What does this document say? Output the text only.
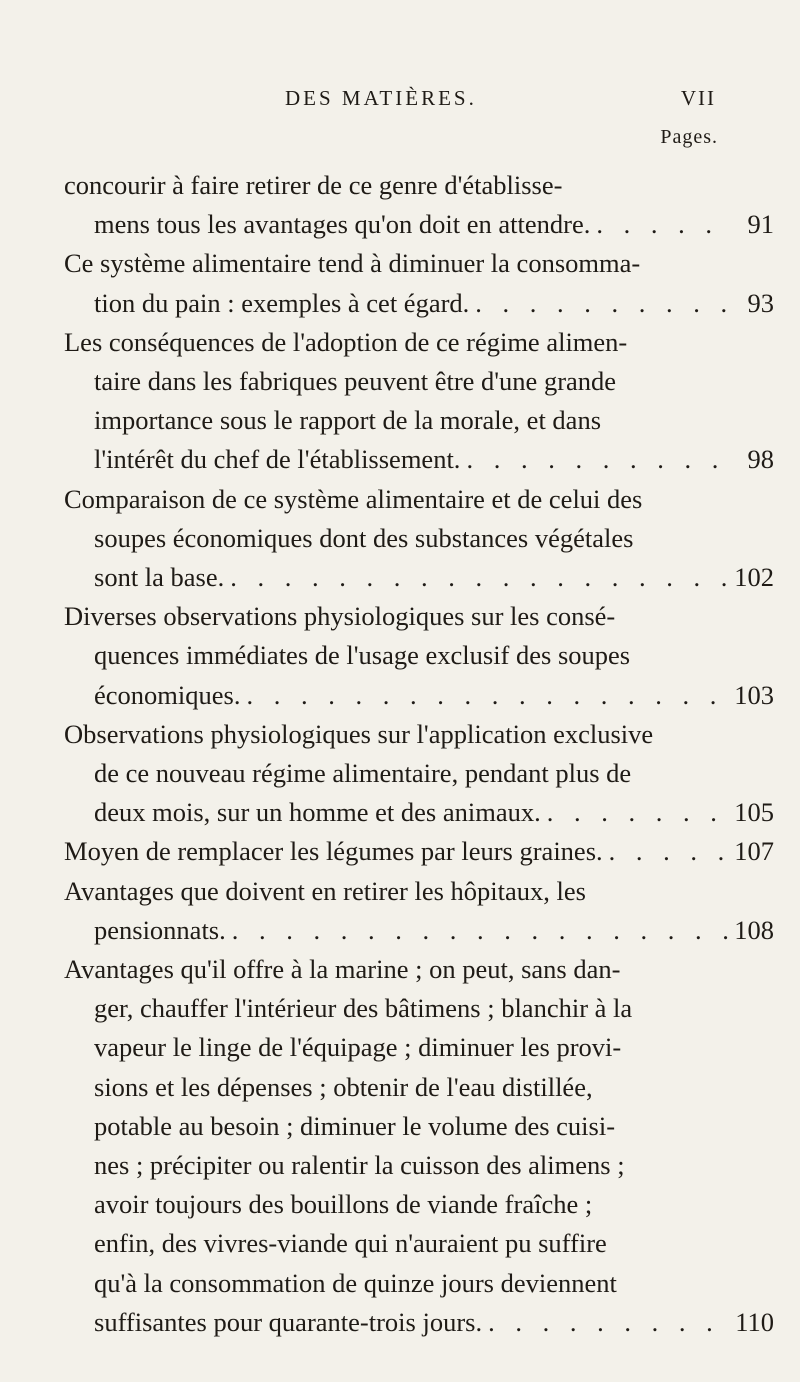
DES MATIÈRES.	VII
Pages.
concourir à faire retirer de ce genre d'établisse-
mens tous les avantages qu'on doit en attendre. . . .	91
Ce système alimentaire tend à diminuer la consomma-
tion du pain : exemples à cet égard. . . .	93
Les conséquences de l'adoption de ce régime alimen-
taire dans les fabriques peuvent être d'une grande
importance sous le rapport de la morale, et dans
l'intérêt du chef de l'établissement. . . .	98
Comparaison de ce système alimentaire et de celui des
soupes économiques dont des substances végétales
sont la base. . . .	102
Diverses observations physiologiques sur les consé-
quences immédiates de l'usage exclusif des soupes
économiques. . . .	103
Observations physiologiques sur l'application exclusive
de ce nouveau régime alimentaire, pendant plus de
deux mois, sur un homme et des animaux. . . .	105
Moyen de remplacer les légumes par leurs graines. . . .	107
Avantages que doivent en retirer les hôpitaux, les
pensionnats. . . .	108
Avantages qu'il offre à la marine ; on peut, sans dan-
ger, chauffer l'intérieur des bâtimens ; blanchir à la
vapeur le linge de l'équipage ; diminuer les provi-
sions et les dépenses ; obtenir de l'eau distillée,
potable au besoin ; diminuer le volume des cuisi-
nes ; précipiter ou ralentir la cuisson des alimens ;
avoir toujours des bouillons de viande fraîche ;
enfin, des vivres-viande qui n'auraient pu suffire
qu'à la consommation de quinze jours deviennent
suffisantes pour quarante-trois jours. . . .	110
